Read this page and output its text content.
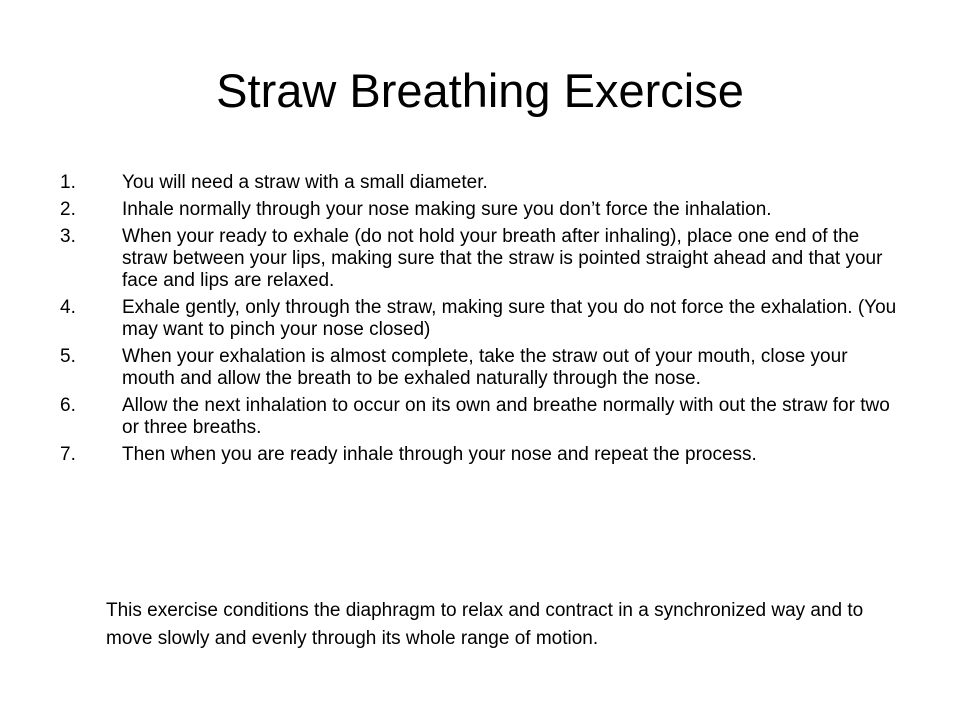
Straw Breathing Exercise
1.	You will need a straw with a small diameter.
2.	Inhale normally through your nose making sure you don’t force the inhalation.
3.	When your ready to exhale (do not hold your breath after inhaling), place one end of the straw between your lips, making sure that the straw is pointed straight ahead and that your face and lips are relaxed.
4.	Exhale gently, only through the straw, making sure that you do not force the exhalation. (You may want to pinch your nose closed)
5.	When your exhalation is almost complete, take the straw out of your mouth, close your mouth and allow the breath to be exhaled naturally through the nose.
6.	Allow the next inhalation to occur on its own and breathe normally with out the straw for two or three breaths.
7.	Then when you are ready inhale through your nose and repeat the process.

This exercise conditions the diaphragm to relax and contract in a synchronized way and to move slowly and evenly through its whole range of motion.
